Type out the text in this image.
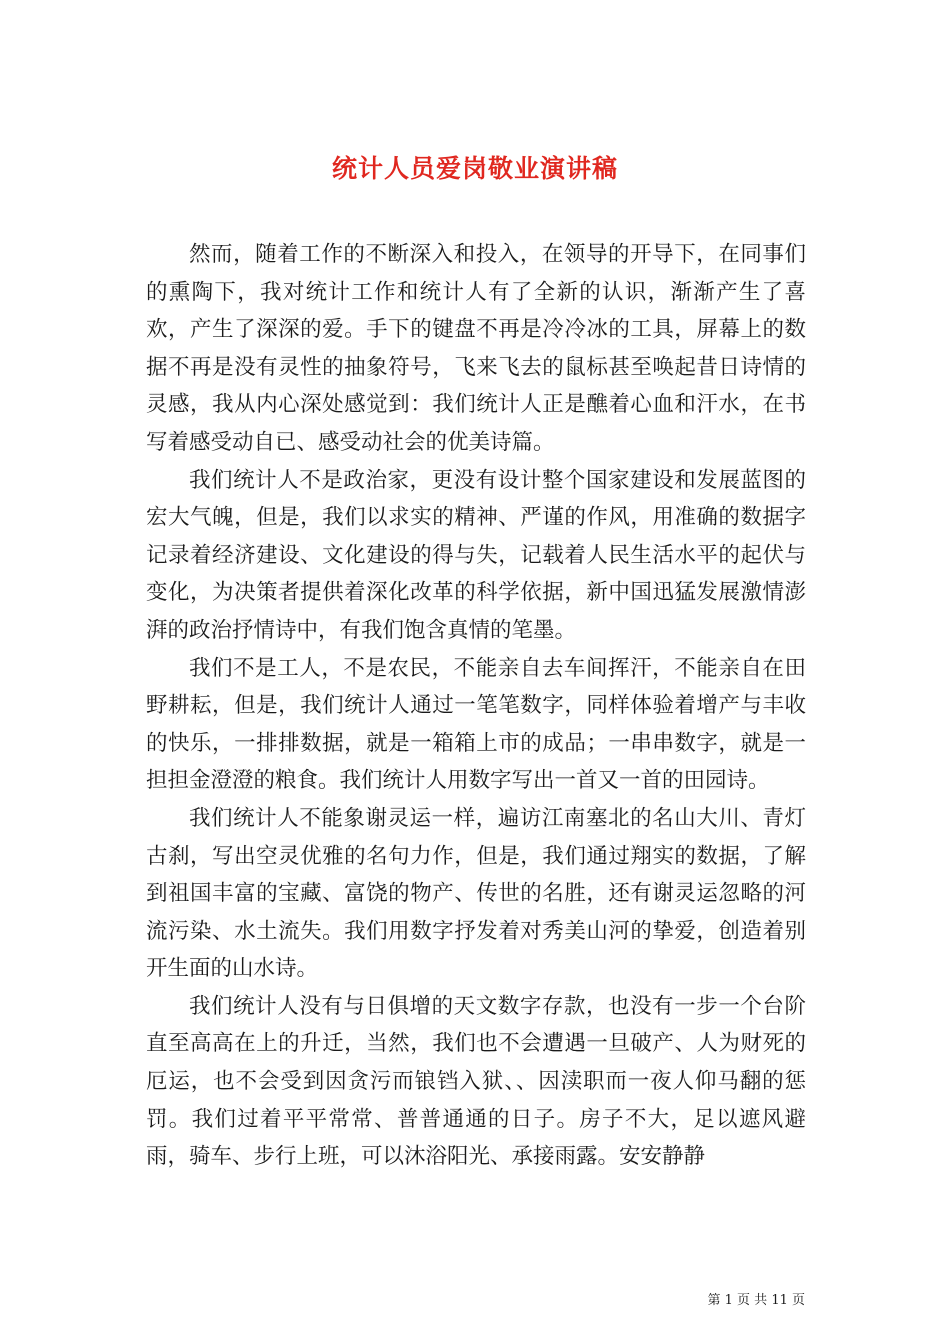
统计人员爱岗敬业演讲稿

然而，随着工作的不断深入和投入，在领导的开导下，在同事们的熏陶下，我对统计工作和统计人有了全新的认识，渐渐产生了喜欢，产生了深深的爱。手下的键盘不再是冷冷冰的工具，屏幕上的数据不再是没有灵性的抽象符号，飞来飞去的鼠标甚至唤起昔日诗情的灵感，我从内心深处感觉到：我们统计人正是醮着心血和汗水，在书写着感受动自已、感受动社会的优美诗篇。

我们统计人不是政治家，更没有设计整个国家建设和发展蓝图的宏大气魄，但是，我们以求实的精神、严谨的作风，用准确的数据字记录着经济建设、文化建设的得与失，记载着人民生活水平的起伏与变化，为决策者提供着深化改革的科学依据，新中国迅猛发展激情澎湃的政治抒情诗中，有我们饱含真情的笔墨。

我们不是工人，不是农民，不能亲自去车间挥汗，不能亲自在田野耕耘，但是，我们统计人通过一笔笔数字，同样体验着增产与丰收的快乐，一排排数据，就是一箱箱上市的成品；一串串数字，就是一担担金澄澄的粮食。我们统计人用数字写出一首又一首的田园诗。

我们统计人不能象谢灵运一样，遍访江南塞北的名山大川、青灯古刹，写出空灵优雅的名句力作，但是，我们通过翔实的数据，了解到祖国丰富的宝藏、富饶的物产、传世的名胜，还有谢灵运忽略的河流污染、水土流失。我们用数字抒发着对秀美山河的挚爱，创造着别开生面的山水诗。

我们统计人没有与日俱增的天文数字存款，也没有一步一个台阶直至高高在上的升迁，当然，我们也不会遭遇一旦破产、人为财死的厄运，也不会受到因贪污而锒铛入狱、、因渎职而一夜人仰马翻的惩罚。我们过着平平常常、普普通通的日子。房子不大，足以遮风避雨，骑车、步行上班，可以沐浴阳光、承接雨露。安安静静

第 1 页 共 11 页
